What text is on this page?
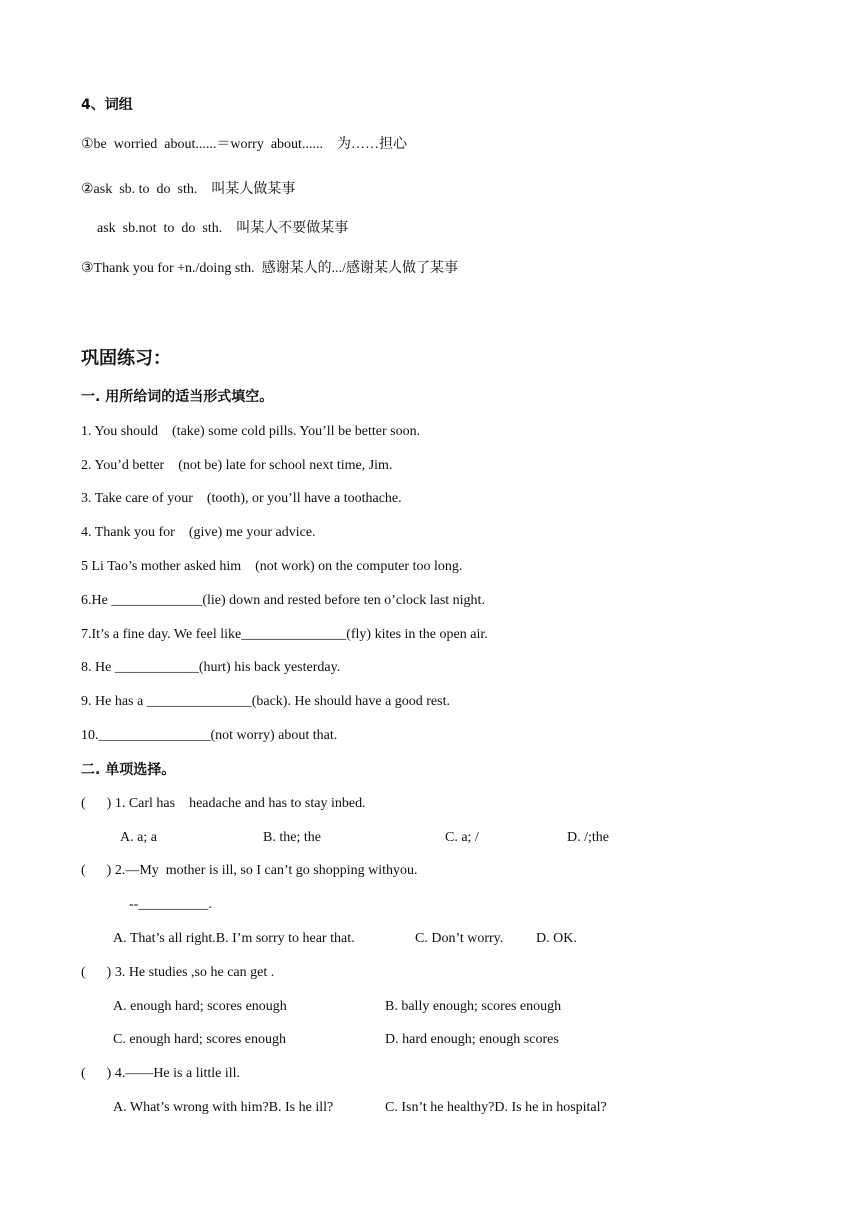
4、词组
①be  worried  about......＝worry  about......    为……担心
②ask  sb. to  do  sth.    叫某人做某事
ask  sb.not  to  do  sth.    叫某人不要做某事
③Thank you for +n./doing sth.  感谢某人的.../感谢某人做了某事
巩固练习：
一. 用所给词的适当形式填空。
1. You should    (take) some cold pills. You’ll be better soon.
2. You’d better    (not be) late for school next time, Jim.
3. Take care of your    (tooth), or you’ll have a toothache.
4. Thank you for    (give) me your advice.
5 Li Tao’s mother asked him    (not work) on the computer too long.
6.He _____________(lie) down and rested before ten o’clock last night.
7.It’s a fine day. We feel like_______________(fly) kites in the open air.
8. He ____________(hurt) his back yesterday.
9. He has a _______________(back). He should have a good rest.
10.________________(not worry) about that.
二. 单项选择。
(      ) 1. Carl has    headache and has to stay inbed.
A. a; a	B. the; the	C. a; /	D. /;the
(      ) 2.—My  mother is ill, so I can’t go shopping withyou.
--__________.
A. That’s all right.B. I’m sorry to hear that.	C. Don’t worry. D. OK.
(      ) 3. He studies ,so he can get .
A. enough hard; scores enough	B. bally enough; scores enough
C. enough hard; scores enough	D. hard enough; enough scores
(      ) 4.——He is a little ill.
A. What’s wrong with him?B. Is he ill?	C. Isn’t he healthy?D. Is he in hospital?
